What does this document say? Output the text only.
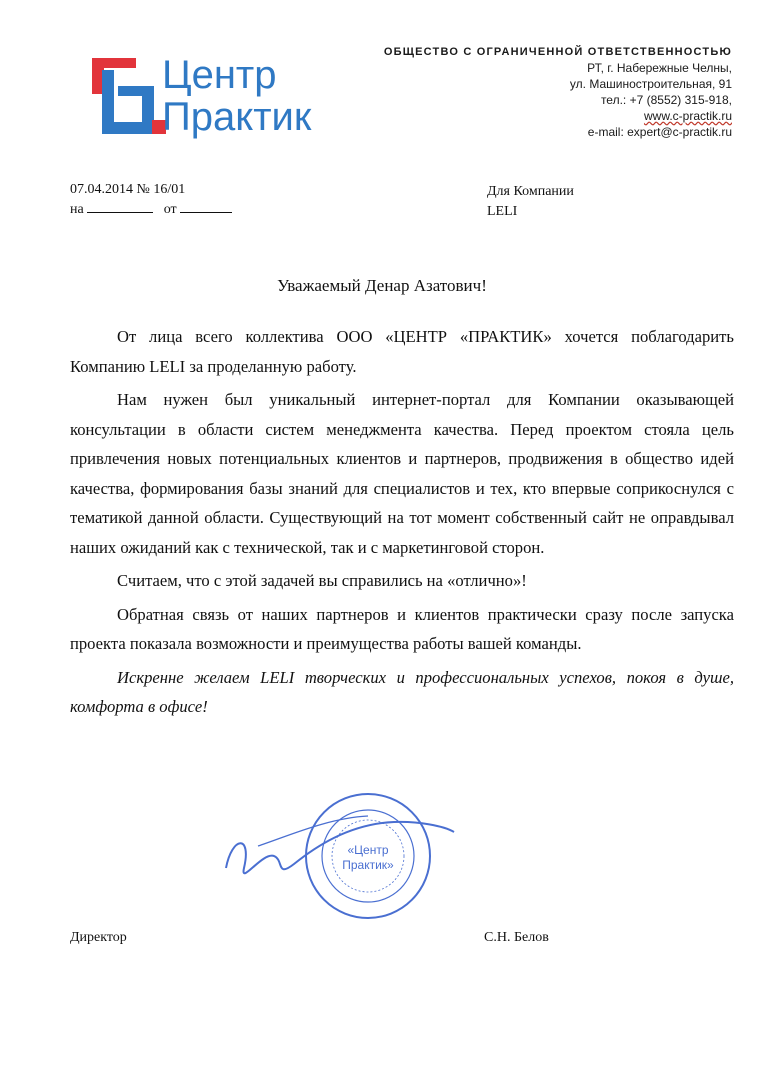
Центр
Практик
ОБЩЕСТВО С ОГРАНИЧЕННОЙ ОТВЕТСТВЕННОСТЬЮ
РТ, г. Набережные Челны,
ул. Машиностроительная, 91
тел.: +7 (8552) 315-918,
www.c-practik.ru
e-mail: expert@c-practik.ru
07.04.2014 № 16/01
на	от
Для Компании
LELI
Уважаемый Денар Азатович!

От лица всего коллектива ООО «ЦЕНТР «ПРАКТИК» хочется поблагодарить Компанию LELI за проделанную работу.

Нам нужен был уникальный интернет-портал для Компании оказывающей консультации в области систем менеджмента качества. Перед проектом стояла цель привлечения новых потенциальных клиентов и партнеров, продвижения в общество идей качества, формирования базы знаний для специалистов и тех, кто впервые соприкоснулся с тематикой данной области. Существующий на тот момент собственный сайт не оправдывал наших ожиданий как с технической, так и с маркетинговой сторон.

Считаем, что с этой задачей вы справились на «отлично»!

Обратная связь от наших партнеров и клиентов практически сразу после запуска проекта показала возможности и преимущества работы вашей команды.

Искренне желаем LELI творческих и профессиональных успехов, покоя в душе, комфорта в офисе!

«Центр
Практик»
Директор	С.Н. Белов
